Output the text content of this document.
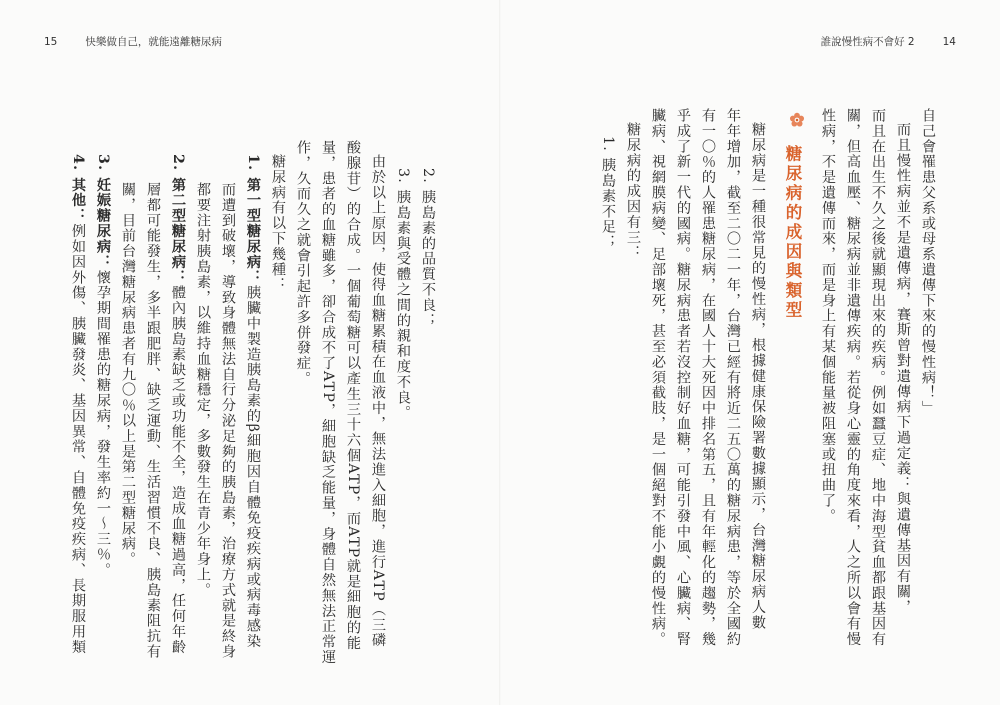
15	快樂做自己，就能遠離糖尿病	誰說慢性病不會好 2	14
自己會罹患父系或母系遺傳下來的慢性病！」
而且慢性病並不是遺傳病，賽斯曾對遺傳病下過定義：與遺傳基因有關，
而且在出生不久之後就顯現出來的疾病。例如蠶豆症、地中海型貧血都跟基因有
關，但高血壓、糖尿病並非遺傳疾病。若從身心靈的角度來看，人之所以會有慢
性病，不是遺傳而來，而是身上有某個能量被阻塞或扭曲了。
糖尿病的成因與類型
糖尿病是一種很常見的慢性病，根據健康保險署數據顯示，台灣糖尿病人數
年年增加，截至二〇二一年，台灣已經有將近二五〇萬的糖尿病患，等於全國約
有一〇％的人罹患糖尿病，在國人十大死因中排名第五，且有年輕化的趨勢，幾
乎成了新一代的國病。糖尿病患者若沒控制好血糖，可能引發中風、心臟病、腎
臟病、視網膜病變、足部壞死，甚至必須截肢，是一個絕對不能小覷的慢性病。
糖尿病的成因有三：
1. 胰島素不足；
2. 胰島素的品質不良；
3. 胰島素與受體之間的親和度不良。
由於以上原因，使得血糖累積在血液中，無法進入細胞，進行ATP（三磷
酸腺苷）的合成。一個葡萄糖可以產生三十六個ATP，而ATP就是細胞的能
量，患者的血糖雖多，卻合成不了ATP，細胞缺乏能量，身體自然無法正常運
作，久而久之就會引起許多併發症。
糖尿病有以下幾種：
1. 第一型糖尿病：胰臟中製造胰島素的β細胞因自體免疫疾病或病毒感染
而遭到破壞，導致身體無法自行分泌足夠的胰島素，治療方式就是終身
都要注射胰島素，以維持血糖穩定，多數發生在青少年身上。
2. 第二型糖尿病：體內胰島素缺乏或功能不全，造成血糖過高，任何年齡
層都可能發生，多半跟肥胖、缺乏運動、生活習慣不良、胰島素阻抗有
關，目前台灣糖尿病患者有九〇％以上是第二型糖尿病。
3. 妊娠糖尿病：懷孕期間罹患的糖尿病，發生率約一～三％。
4. 其他：例如因外傷、胰臟發炎、基因異常、自體免疫疾病、長期服用類
